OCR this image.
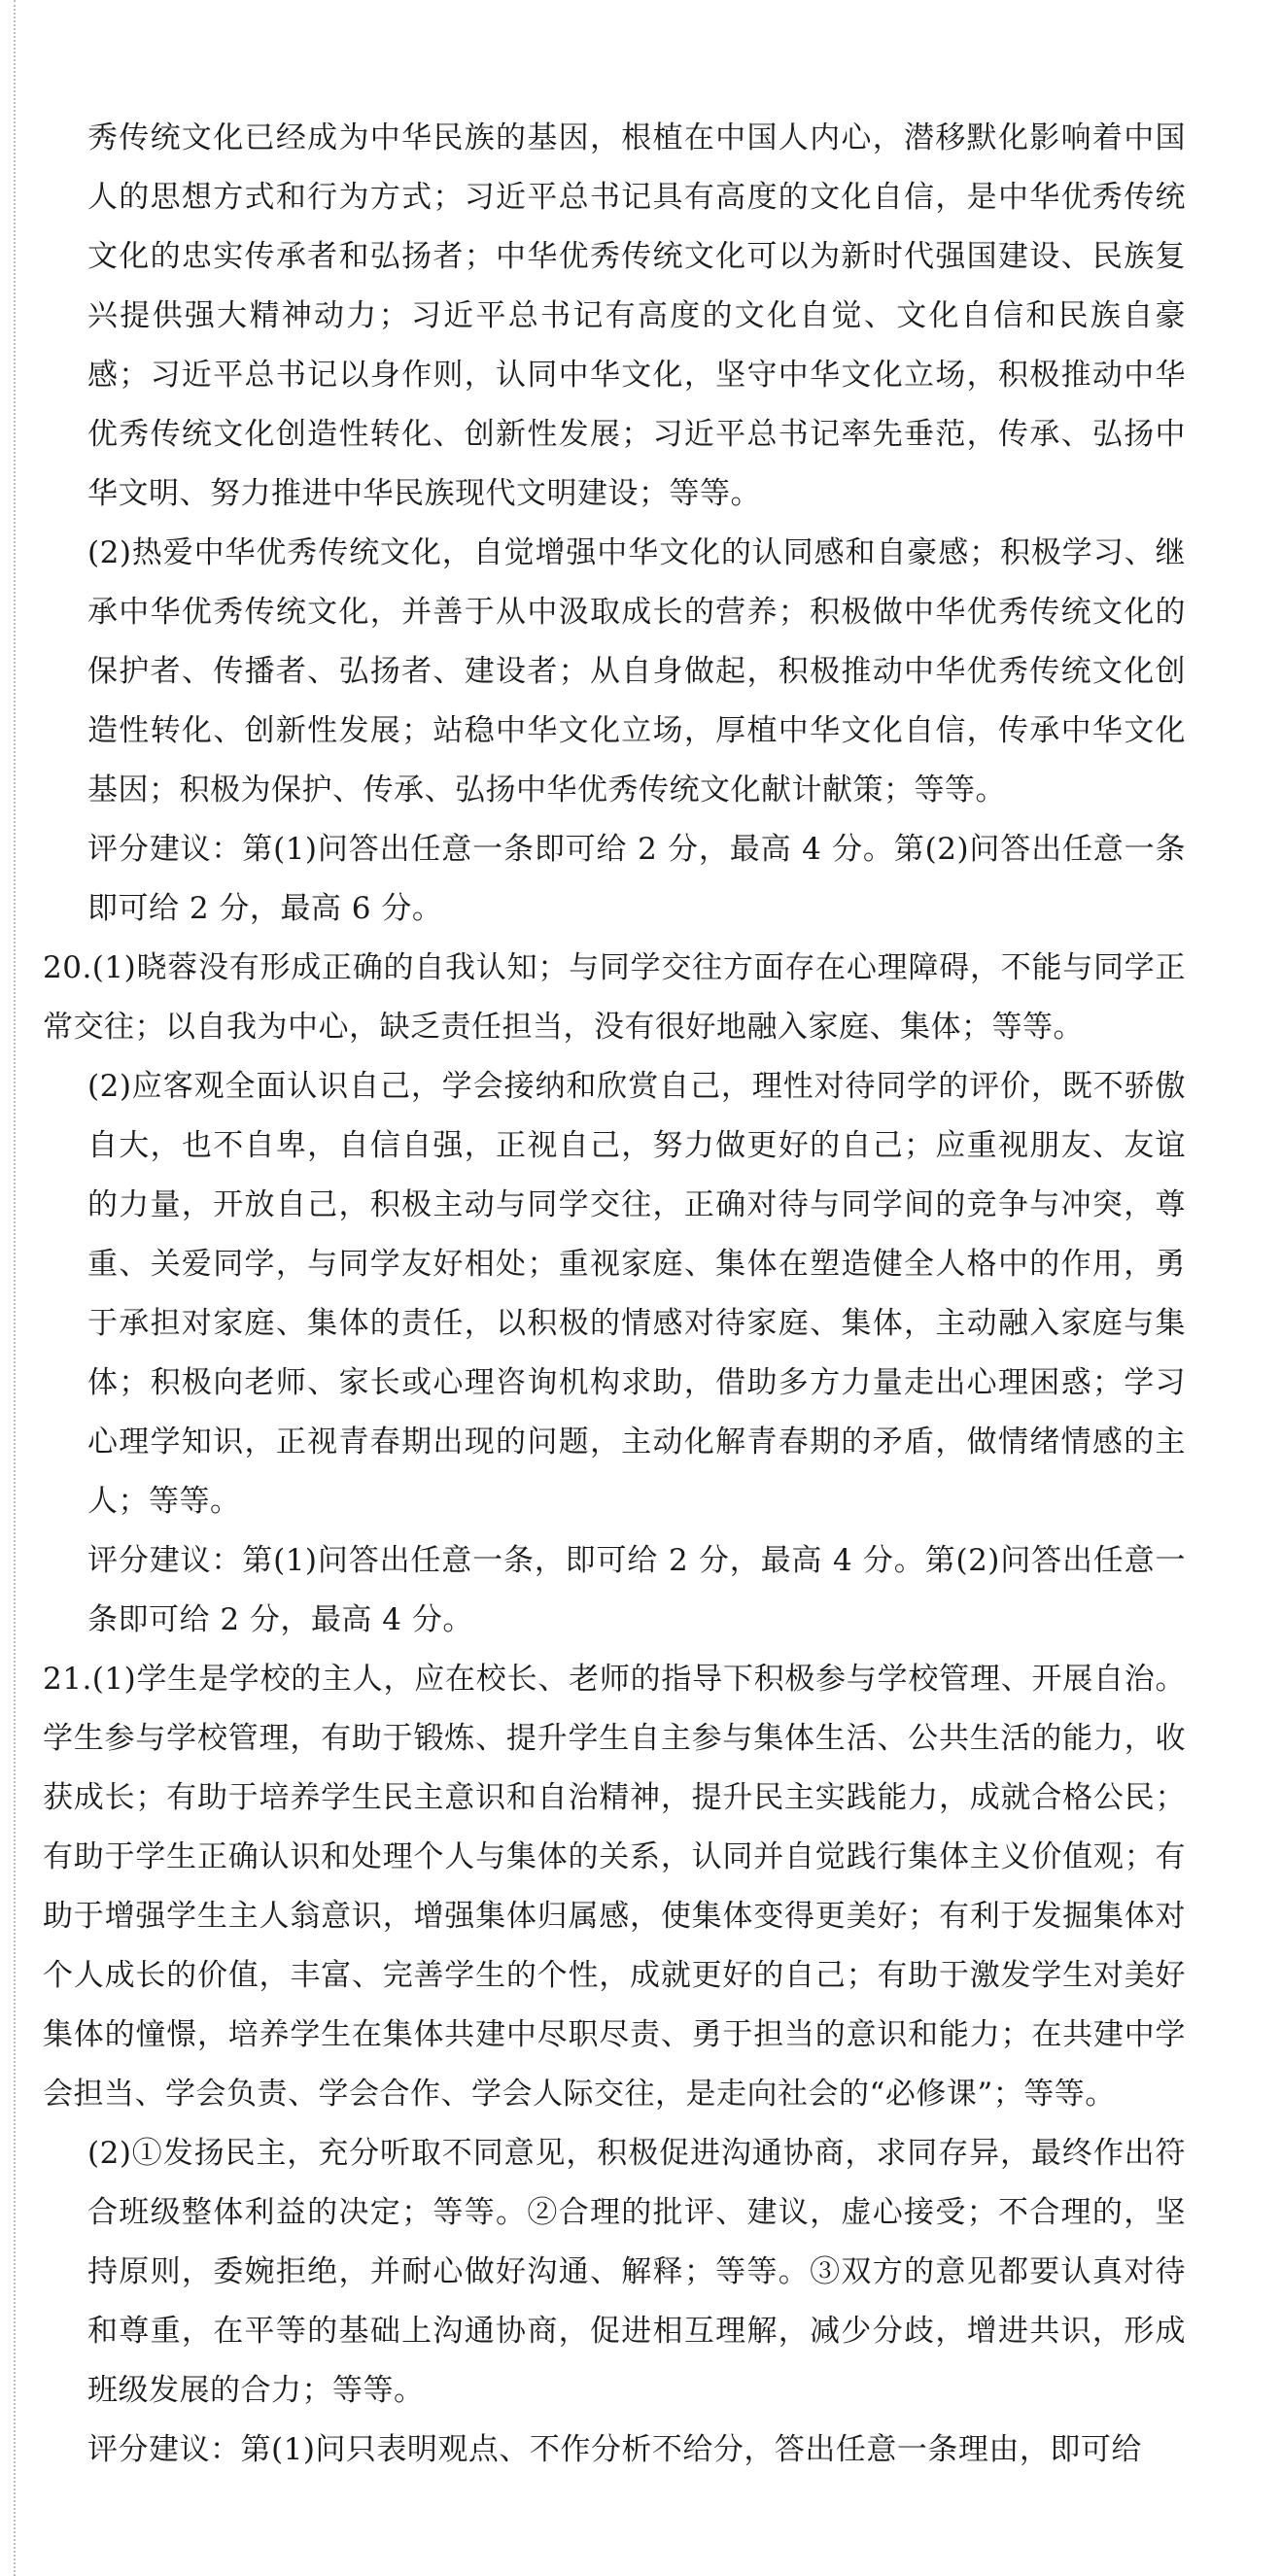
秀传统文化已经成为中华民族的基因，根植在中国人内心，潜移默化影响着中国人的思想方式和行为方式；习近平总书记具有高度的文化自信，是中华优秀传统文化的忠实传承者和弘扬者；中华优秀传统文化可以为新时代强国建设、民族复兴提供强大精神动力；习近平总书记有高度的文化自觉、文化自信和民族自豪感；习近平总书记以身作则，认同中华文化，坚守中华文化立场，积极推动中华优秀传统文化创造性转化、创新性发展；习近平总书记率先垂范，传承、弘扬中华文明、努力推进中华民族现代文明建设；等等。

(2)热爱中华优秀传统文化，自觉增强中华文化的认同感和自豪感；积极学习、继承中华优秀传统文化，并善于从中汲取成长的营养；积极做中华优秀传统文化的保护者、传播者、弘扬者、建设者；从自身做起，积极推动中华优秀传统文化创造性转化、创新性发展；站稳中华文化立场，厚植中华文化自信，传承中华文化基因；积极为保护、传承、弘扬中华优秀传统文化献计献策；等等。

评分建议：第(1)问答出任意一条即可给 2 分，最高 4 分。第(2)问答出任意一条即可给 2 分，最高 6 分。

20.(1)晓蓉没有形成正确的自我认知；与同学交往方面存在心理障碍，不能与同学正常交往；以自我为中心，缺乏责任担当，没有很好地融入家庭、集体；等等。

(2)应客观全面认识自己，学会接纳和欣赏自己，理性对待同学的评价，既不骄傲自大，也不自卑，自信自强，正视自己，努力做更好的自己；应重视朋友、友谊的力量，开放自己，积极主动与同学交往，正确对待与同学间的竞争与冲突，尊重、关爱同学，与同学友好相处；重视家庭、集体在塑造健全人格中的作用，勇于承担对家庭、集体的责任，以积极的情感对待家庭、集体，主动融入家庭与集体；积极向老师、家长或心理咨询机构求助，借助多方力量走出心理困惑；学习心理学知识，正视青春期出现的问题，主动化解青春期的矛盾，做情绪情感的主人；等等。

评分建议：第(1)问答出任意一条，即可给 2 分，最高 4 分。第(2)问答出任意一条即可给 2 分，最高 4 分。

21.(1)学生是学校的主人，应在校长、老师的指导下积极参与学校管理、开展自治。学生参与学校管理，有助于锻炼、提升学生自主参与集体生活、公共生活的能力，收获成长；有助于培养学生民主意识和自治精神，提升民主实践能力，成就合格公民；有助于学生正确认识和处理个人与集体的关系，认同并自觉践行集体主义价值观；有助于增强学生主人翁意识，增强集体归属感，使集体变得更美好；有利于发掘集体对个人成长的价值，丰富、完善学生的个性，成就更好的自己；有助于激发学生对美好集体的憧憬，培养学生在集体共建中尽职尽责、勇于担当的意识和能力；在共建中学会担当、学会负责、学会合作、学会人际交往，是走向社会的“必修课”；等等。

(2)①发扬民主，充分听取不同意见，积极促进沟通协商，求同存异，最终作出符合班级整体利益的决定；等等。②合理的批评、建议，虚心接受；不合理的，坚持原则，委婉拒绝，并耐心做好沟通、解释；等等。③双方的意见都要认真对待和尊重，在平等的基础上沟通协商，促进相互理解，减少分歧，增进共识，形成班级发展的合力；等等。

评分建议：第(1)问只表明观点、不作分析不给分，答出任意一条理由，即可给
